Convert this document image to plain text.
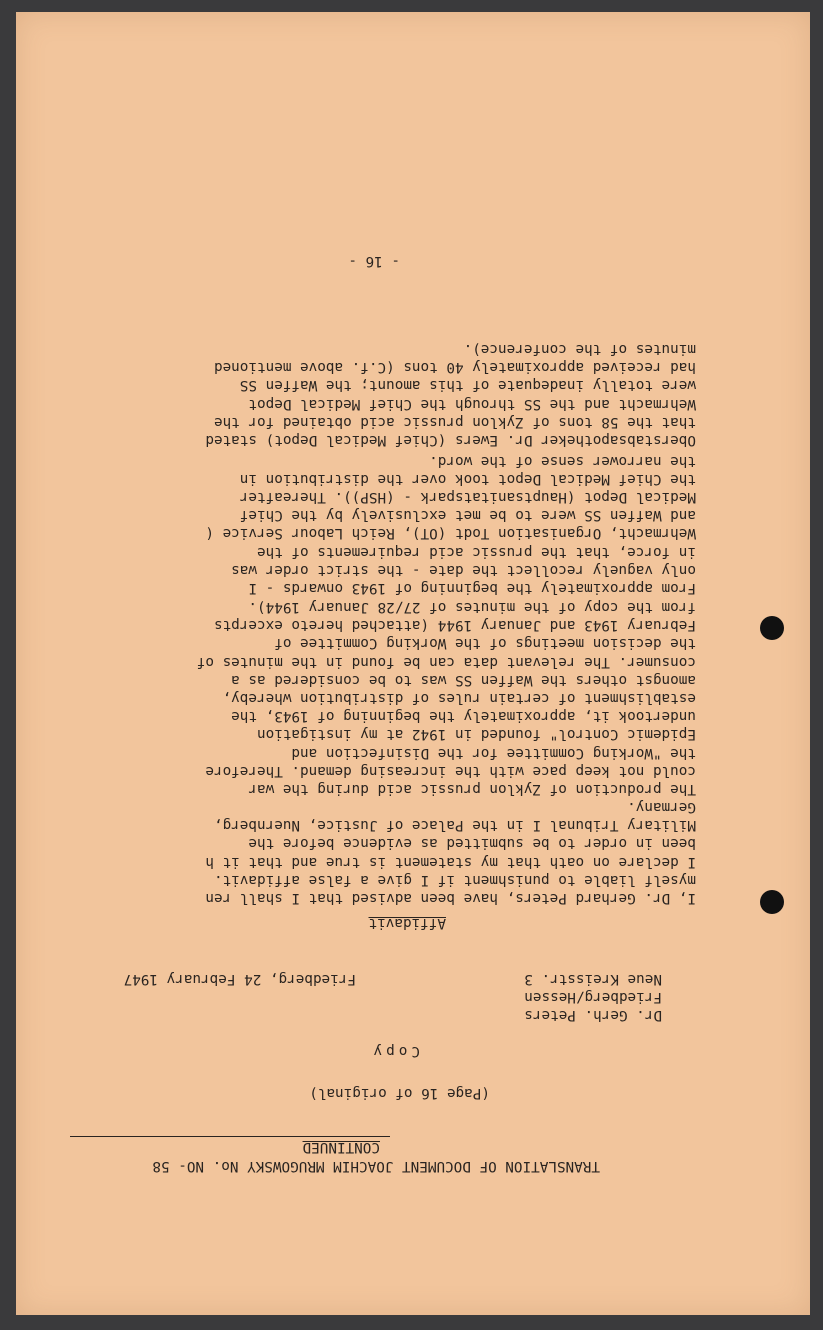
TRANSLATION OF DOCUMENT JOACHIM MRUGOWSKY No. NO- 58

CONTINUED

(Page 16 of original)

Copy

Dr. Gerh. Peters

Friedberg/Hessen

Neue Kreisstr. 3

Friedberg, 24 February 1947

Affidavit

I, Dr. Gerhard Peters, have been advised that I shall ren

myself liable to punishment if I give a false affidavit.

I declare on oath that my statement is true and that it h

been in order to be submitted as evidence before the

Military Tribunal I in the Palace of Justice, Nuernberg,

Germany.

The production of Zyklon prussic acid during the war

could not keep pace with the increasing demand. Therefore

the "Working Committee for the Disinfection and

Epidemic Control" founded in 1942 at my instigation

undertook it, approximately the beginning of 1943, the

establishment of certain rules of distribution whereby,

amongst others the Waffen SS was to be considered as a

consumer. The relevant data can be found in the minutes of

the decision meetings of the Working Committee of

February 1943 and January 1944 (attached hereto excerpts

from the copy of the minutes of 27/28 January 1944).

From approximately the beginning of 1943 onwards - I

only vaguely recollect the date - the strict order was

in force, that the prussic acid requirements of the

Wehrmacht, Organisation Todt (OT), Reich Labour Service (

and Waffen SS were to be met exclusively by the Chief

Medical Depot (Hauptsanitatspark - (HSP)). Thereafter

the Chief Medical Depot took over the distribution in

the narrower sense of the word.

Oberstabsapotheker Dr. Ewers (Chief Medical Depot) stated

that the 58 tons of Zyklon prussic acid obtained for the

Wehrmacht and the SS through the Chief Medical Depot

were totally inadequate of this amount; the Waffen SS

had received approximately 40 tons (C.f. above mentioned

minutes of the conference).

- 16 -
